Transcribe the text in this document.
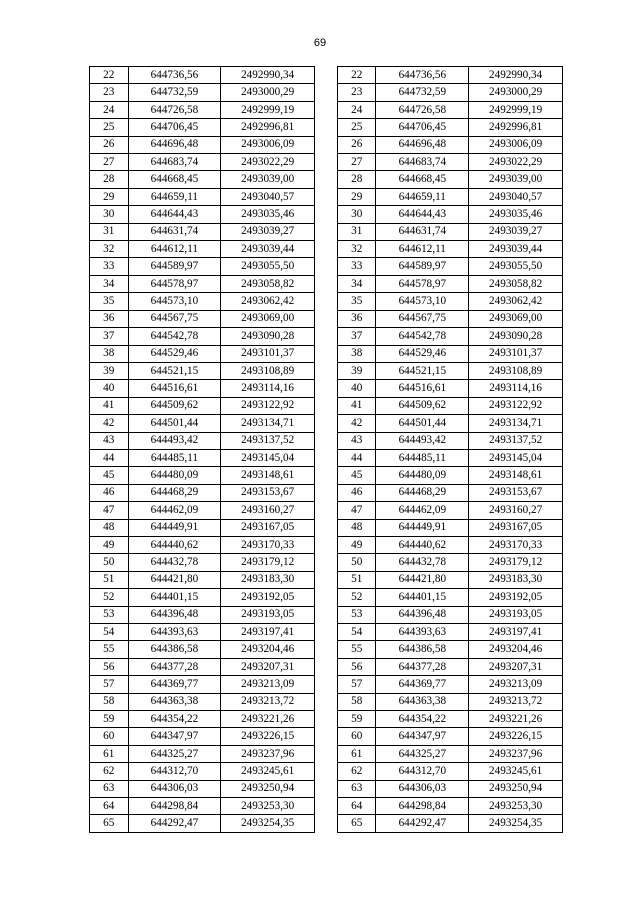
69
22	644736,56	2492990,34		22	644736,56	2492990,34
23	644732,59	2493000,29		23	644732,59	2493000,29
24	644726,58	2492999,19		24	644726,58	2492999,19
25	644706,45	2492996,81		25	644706,45	2492996,81
26	644696,48	2493006,09		26	644696,48	2493006,09
27	644683,74	2493022,29		27	644683,74	2493022,29
28	644668,45	2493039,00		28	644668,45	2493039,00
29	644659,11	2493040,57		29	644659,11	2493040,57
30	644644,43	2493035,46		30	644644,43	2493035,46
31	644631,74	2493039,27		31	644631,74	2493039,27
32	644612,11	2493039,44		32	644612,11	2493039,44
33	644589,97	2493055,50		33	644589,97	2493055,50
34	644578,97	2493058,82		34	644578,97	2493058,82
35	644573,10	2493062,42		35	644573,10	2493062,42
36	644567,75	2493069,00		36	644567,75	2493069,00
37	644542,78	2493090,28		37	644542,78	2493090,28
38	644529,46	2493101,37		38	644529,46	2493101,37
39	644521,15	2493108,89		39	644521,15	2493108,89
40	644516,61	2493114,16		40	644516,61	2493114,16
41	644509,62	2493122,92		41	644509,62	2493122,92
42	644501,44	2493134,71		42	644501,44	2493134,71
43	644493,42	2493137,52		43	644493,42	2493137,52
44	644485,11	2493145,04		44	644485,11	2493145,04
45	644480,09	2493148,61		45	644480,09	2493148,61
46	644468,29	2493153,67		46	644468,29	2493153,67
47	644462,09	2493160,27		47	644462,09	2493160,27
48	644449,91	2493167,05		48	644449,91	2493167,05
49	644440,62	2493170,33		49	644440,62	2493170,33
50	644432,78	2493179,12		50	644432,78	2493179,12
51	644421,80	2493183,30		51	644421,80	2493183,30
52	644401,15	2493192,05		52	644401,15	2493192,05
53	644396,48	2493193,05		53	644396,48	2493193,05
54	644393,63	2493197,41		54	644393,63	2493197,41
55	644386,58	2493204,46		55	644386,58	2493204,46
56	644377,28	2493207,31		56	644377,28	2493207,31
57	644369,77	2493213,09		57	644369,77	2493213,09
58	644363,38	2493213,72		58	644363,38	2493213,72
59	644354,22	2493221,26		59	644354,22	2493221,26
60	644347,97	2493226,15		60	644347,97	2493226,15
61	644325,27	2493237,96		61	644325,27	2493237,96
62	644312,70	2493245,61		62	644312,70	2493245,61
63	644306,03	2493250,94		63	644306,03	2493250,94
64	644298,84	2493253,30		64	644298,84	2493253,30
65	644292,47	2493254,35		65	644292,47	2493254,35
